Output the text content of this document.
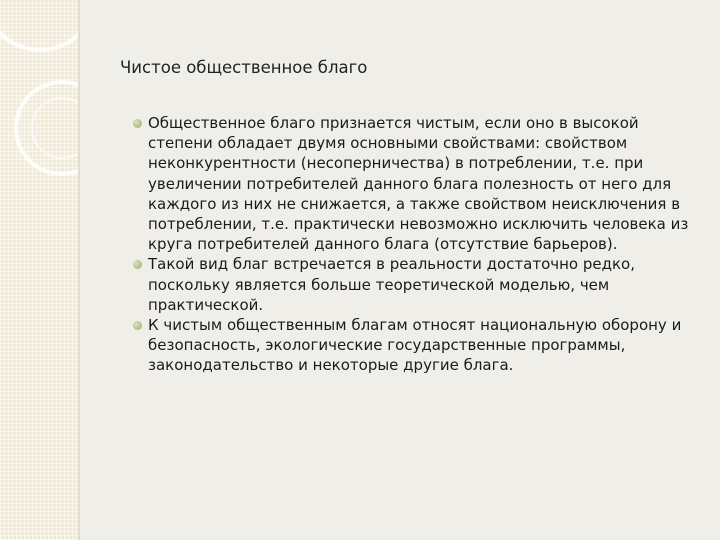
Чистое общественное благо
Общественное благо признается чистым, если оно в высокой степени обладает двумя основными свойствами: свойством неконкурентности (несоперничества) в потреблении, т.е. при увеличении потребителей данного блага полезность от него для каждого из них не снижается, а также свойством неисключения в потреблении, т.е. практически невозможно исключить человека из круга потребителей данного блага (отсутствие барьеров).
Такой вид благ встречается в реальности достаточно редко, поскольку является больше теоретической моделью, чем практической.
К чистым общественным благам относят национальную оборону и безопасность, экологические государственные программы, законодательство и некоторые другие блага.
